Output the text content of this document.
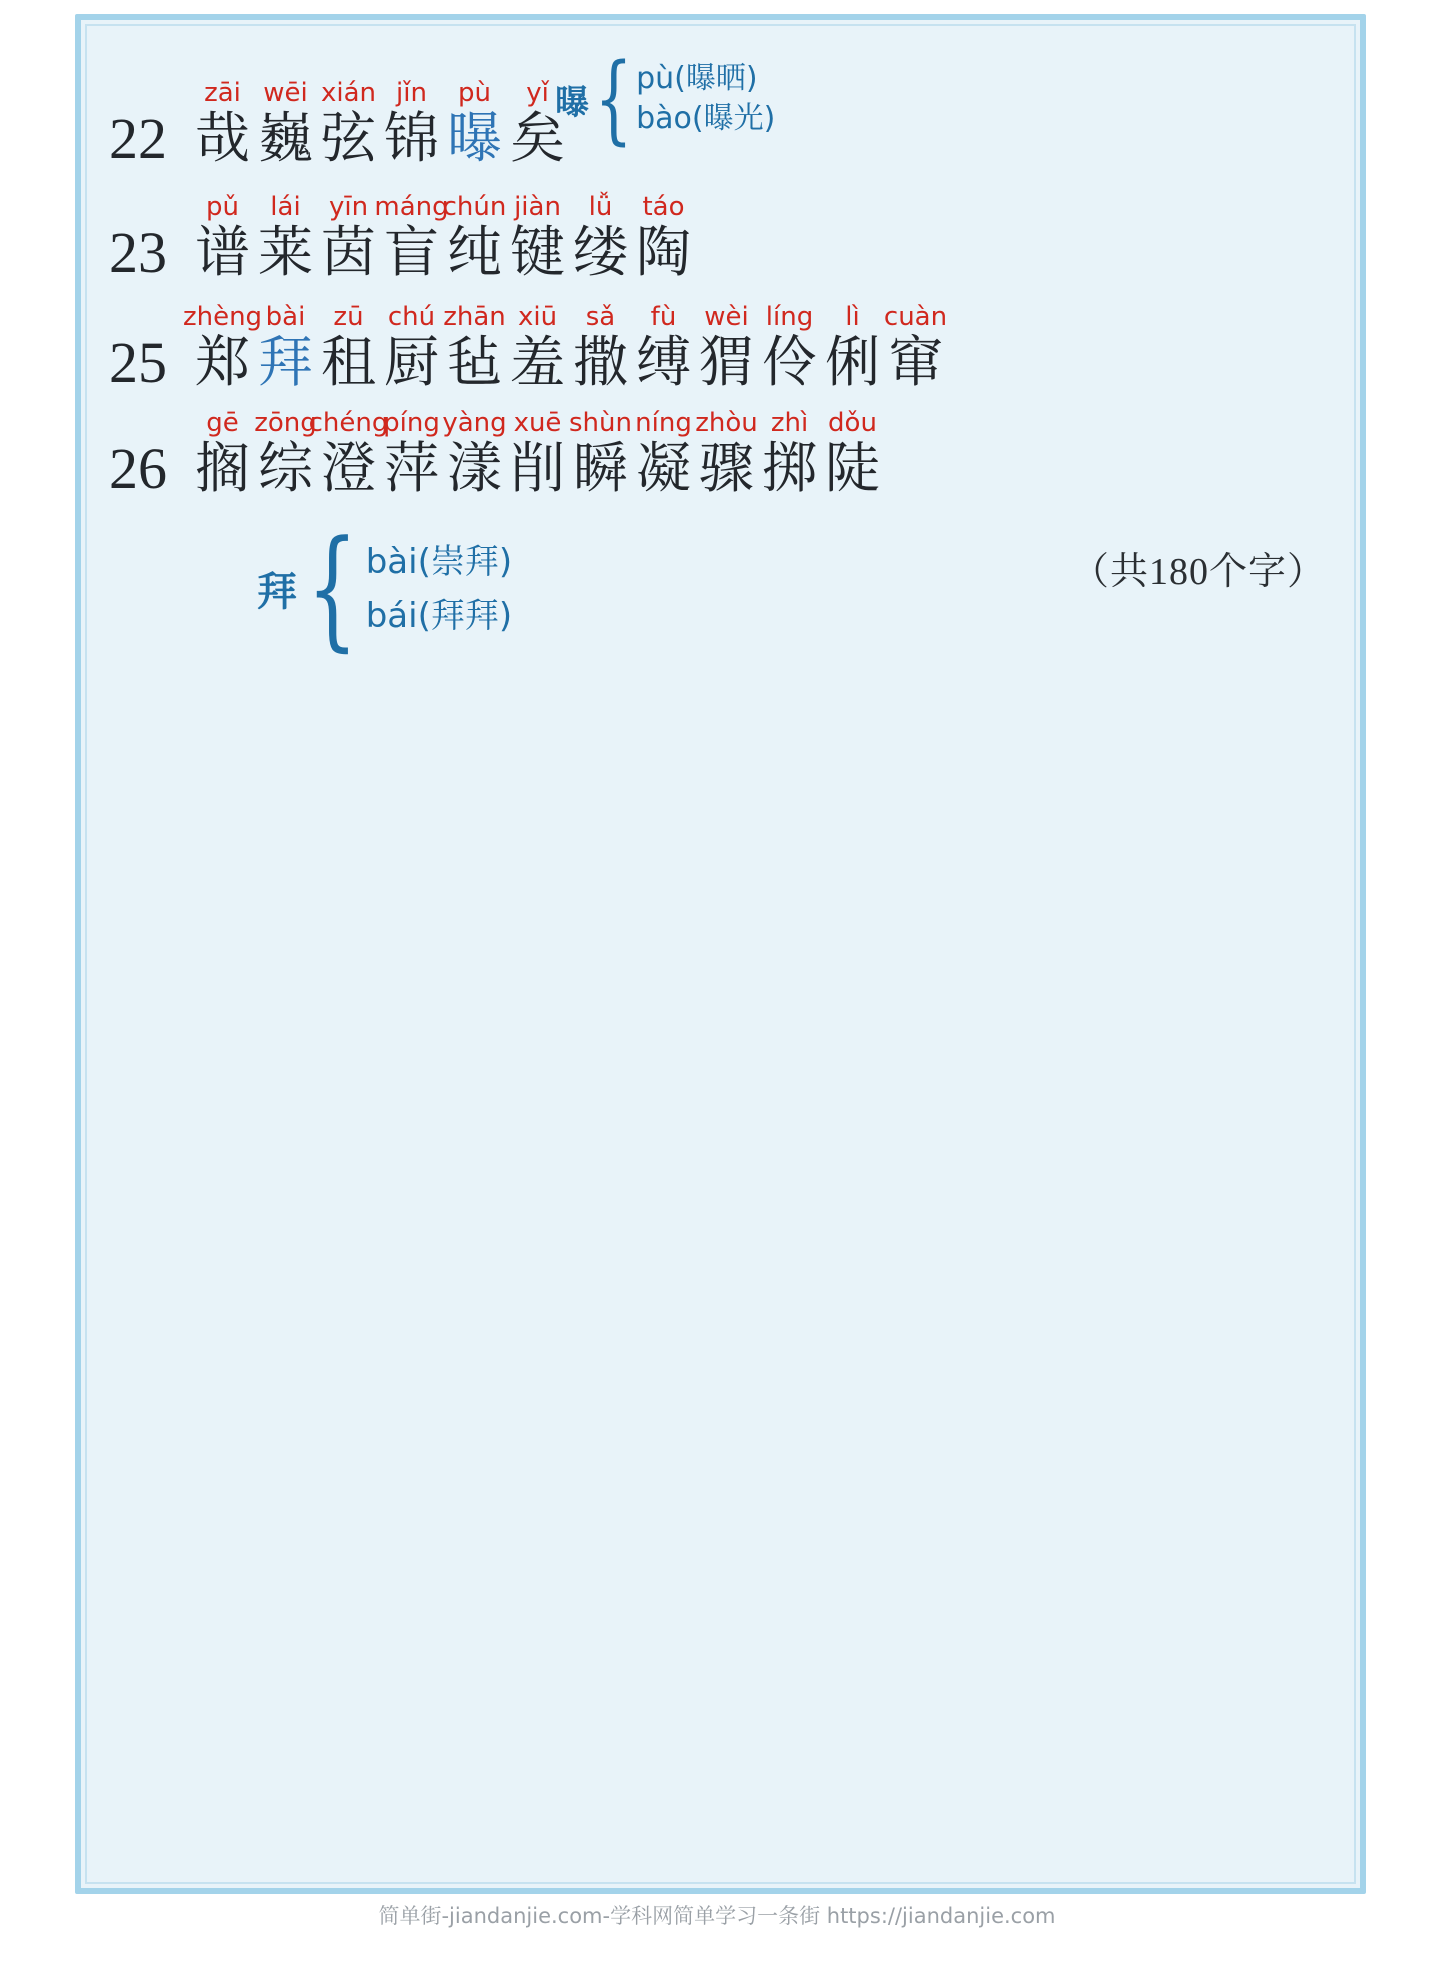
22
zāi
哉
wēi
巍
xián
弦
jǐn
锦
pù
曝
yǐ
矣
23
pǔ
谱
lái
莱
yīn
茵
máng
盲
chún
纯
jiàn
键
lǚ
缕
táo
陶
25
zhèng
郑
bài
拜
zū
租
chú
厨
zhān
毡
xiū
羞
sǎ
撒
fù
缚
wèi
猬
líng
伶
lì
俐
cuàn
窜
26
gē
搁
zōng
综
chéng
澄
píng
萍
yàng
漾
xuē
削
shùn
瞬
níng
凝
zhòu
骤
zhì
掷
dǒu
陡
曝 { pù(曝晒)
bào(曝光)
拜 { bài(崇拜)
bái(拜拜)
（共180个字）
简单街-jiandanjie.com-学科网简单学习一条街 https://jiandanjie.com
